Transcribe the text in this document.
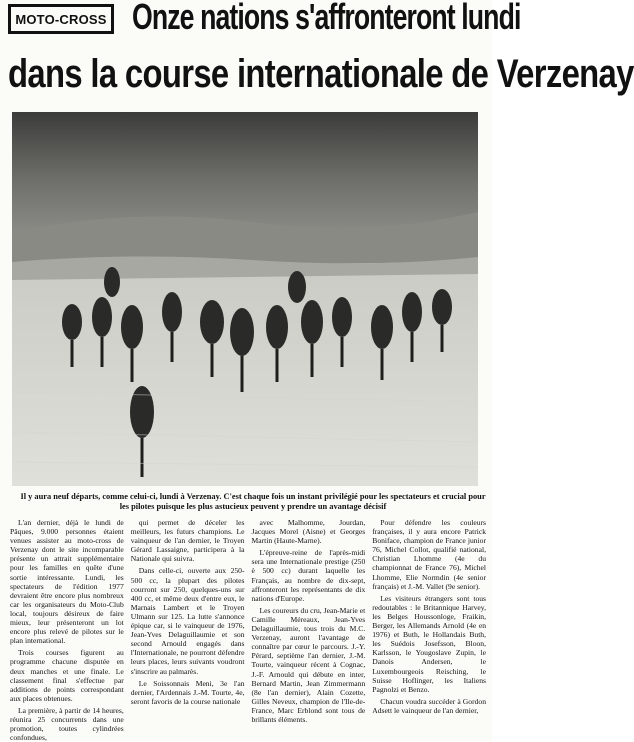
MOTO-CROSS Onze nations s'affronteront lundi
dans la course internationale de Verzenay
Il y aura neuf départs, comme celui-ci, lundi à Verzenay. C'est chaque fois un instant privilégié pour les spectateurs et crucial pour les pilotes puisque les plus astucieux peuvent y prendre un avantage décisif

L'an dernier, déjà le lundi de Pâques, 9.000 personnes étaient venues assister au moto-cross de Verzenay dont le site incomparable présente un attrait supplémentaire pour les familles en quête d'une sortie intéressante. Lundi, les spectateurs de l'édition 1977 devraient être encore plus nombreux car les organisateurs du Moto-Club local, toujours désireux de faire mieux, leur présenteront un lot encore plus relevé de pilotes sur le plan international.

Trois courses figurent au programme chacune disputée en deux manches et une finale. Le classement final s'effectue par additions de points correspondant aux places obtenues.

La première, à partir de 14 heures, réunira 25 concurrents dans une promotion, toutes cylindrées confondues,

qui permet de déceler les meilleurs, les futurs champions. Le vainqueur de l'an dernier, le Troyen Gérard Lassaigne, participera à la Nationale qui suivra.

Dans celle-ci, ouverte aux 250-500 cc, la plupart des pilotes courront sur 250, quelques-uns sur 400 cc, et même deux d'entre eux, le Marnais Lambert et le Troyen Ulmann sur 125. La lutte s'annonce épique car, si le vainqueur de 1976, Jean-Yves Delaguillaumie et son second Arnould engagés dans l'Internationale, ne pourront défendre leurs places, leurs suivants voudront s'inscrire au palmarès.

Le Soissonnais Meni, 3e l'an dernier, l'Ardennais J.-M. Tourte, 4e, seront favoris de la course nationale

avec Malhomme, Jourdan, Jacques Morel (Aisne) et Georges Martin (Haute-Marne).

L'épreuve-reine de l'après-midi sera une Internationale prestige (250 è 500 cc) durant laquelle les Français, au nombre de dix-sept, affronteront les représentants de dix nations d'Europe.

Les coureurs du cru, Jean-Marie et Camille Méreaux, Jean-Yves Delaguillaumie, tous trois du M.C. Verzenay, auront l'avantage de connaître par cœur le parcours. J.-Y. Pérard, septième l'an dernier, J.-M. Tourte, vainqueur récent à Cognac, J.-F. Arnould qui débute en inter, Bernard Martin, Jean Zimmermann (8e l'an dernier), Alain Cozette, Gilles Neveux, champion de l'Ile-de-France, Marc Erblond sont tous de brillants éléments.

Pour défendre les couleurs françaises, il y aura encore Patrick Boniface, champion de France junior 76, Michel Collot, qualifié national, Christian Lhomme (4e du championnat de France 76), Michel Lhomme, Elie Normdin (4e senior français) et J.-M. Vallet (9e senior).

Les visiteurs étrangers sont tous redoutables : le Britannique Harvey, les Belges Houssonloge, Fraikin, Berger, les Allemands Arnold (4e en 1976) et Buth, le Hollandais Buth, les Suédois Josefsson, Bloon, Karlsson, le Yougoslave Zupin, le Danois Andersen, le Luxembourgeois Reisching, le Suisse Hoflinger, les Italiens Pagnolzi et Benzo.

Chacun voudra succéder à Gordon Adsett le vainqueur de l'an dernier,
